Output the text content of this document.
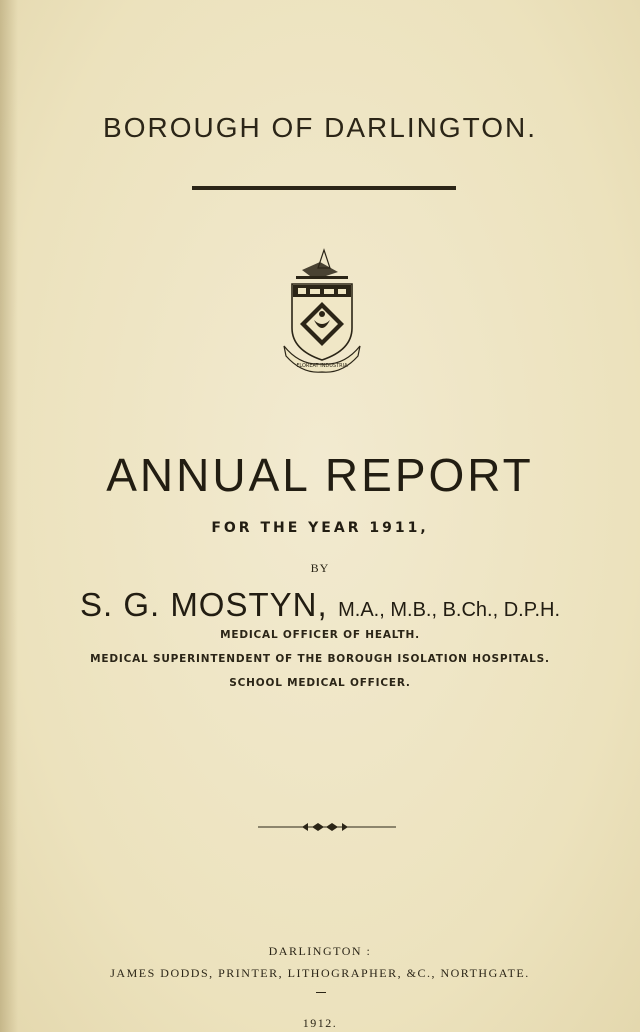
BOROUGH OF DARLINGTON.
FLOREAT INDUSTRIA
ANNUAL REPORT
FOR THE YEAR 1911,
BY
S. G. MOSTYN, M.A., M.B., B.Ch., D.P.H.
MEDICAL OFFICER OF HEALTH.
MEDICAL SUPERINTENDENT OF THE BOROUGH ISOLATION HOSPITALS.
SCHOOL MEDICAL OFFICER.
DARLINGTON :
JAMES DODDS, PRINTER, LITHOGRAPHER, &C., NORTHGATE.
1912.
